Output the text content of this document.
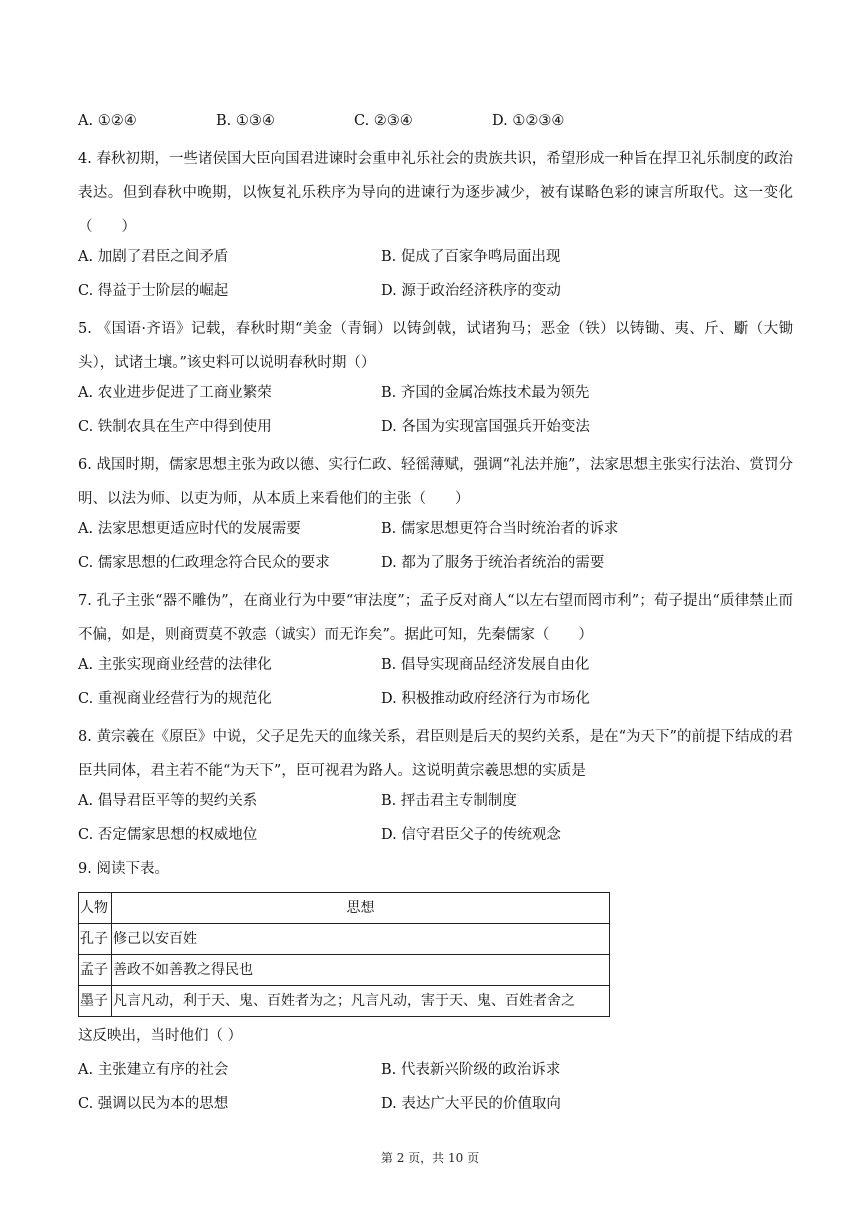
A. ①②④	B. ①③④	C. ②③④	D. ①②③④
4. 春秋初期，一些诸侯国大臣向国君进谏时会重申礼乐社会的贵族共识，希望形成一种旨在捍卫礼乐制度的政治表达。但到春秋中晚期，以恢复礼乐秩序为导向的进谏行为逐步减少，被有谋略色彩的谏言所取代。这一变化（　　）
A. 加剧了君臣之间矛盾	B. 促成了百家争鸣局面出现
C. 得益于士阶层的崛起	D. 源于政治经济秩序的变动
5. 《国语·齐语》记载，春秋时期“美金（青铜）以铸剑戟，试诸狗马；恶金（铁）以铸锄、夷、斤、斸（大锄头），试诸土壤。”该史料可以说明春秋时期（）
A. 农业进步促进了工商业繁荣	B. 齐国的金属冶炼技术最为领先
C. 铁制农具在生产中得到使用	D. 各国为实现富国强兵开始变法
6. 战国时期，儒家思想主张为政以德、实行仁政、轻徭薄赋，强调“礼法并施”，法家思想主张实行法治、赏罚分明、以法为师、以吏为师，从本质上来看他们的主张（　　）
A. 法家思想更适应时代的发展需要	B. 儒家思想更符合当时统治者的诉求
C. 儒家思想的仁政理念符合民众的要求	D. 都为了服务于统治者统治的需要
7. 孔子主张“器不雕伪”，在商业行为中要“审法度”；孟子反对商人“以左右望而罔市利”；荀子提出“质律禁止而不偏，如是，则商贾莫不敦悫（诚实）而无诈矣”。据此可知，先秦儒家（　　）
A. 主张实现商业经营的法律化	B. 倡导实现商品经济发展自由化
C. 重视商业经营行为的规范化	D. 积极推动政府经济行为市场化
8. 黄宗羲在《原臣》中说，父子足先天的血缘关系，君臣则是后天的契约关系，是在“为天下”的前提下结成的君臣共同体，君主若不能“为天下”，臣可视君为路人。这说明黄宗羲思想的实质是
A. 倡导君臣平等的契约关系	B. 抨击君主专制制度
C. 否定儒家思想的权威地位	D. 信守君臣父子的传统观念
9. 阅读下表。
人物	思想
孔子	修己以安百姓
孟子	善政不如善教之得民也
墨子	凡言凡动，利于天、鬼、百姓者为之；凡言凡动，害于天、鬼、百姓者舍之
这反映出，当时他们（ ）
A. 主张建立有序的社会	B. 代表新兴阶级的政治诉求
C. 强调以民为本的思想	D. 表达广大平民的价值取向
第 2 页，共 10 页
